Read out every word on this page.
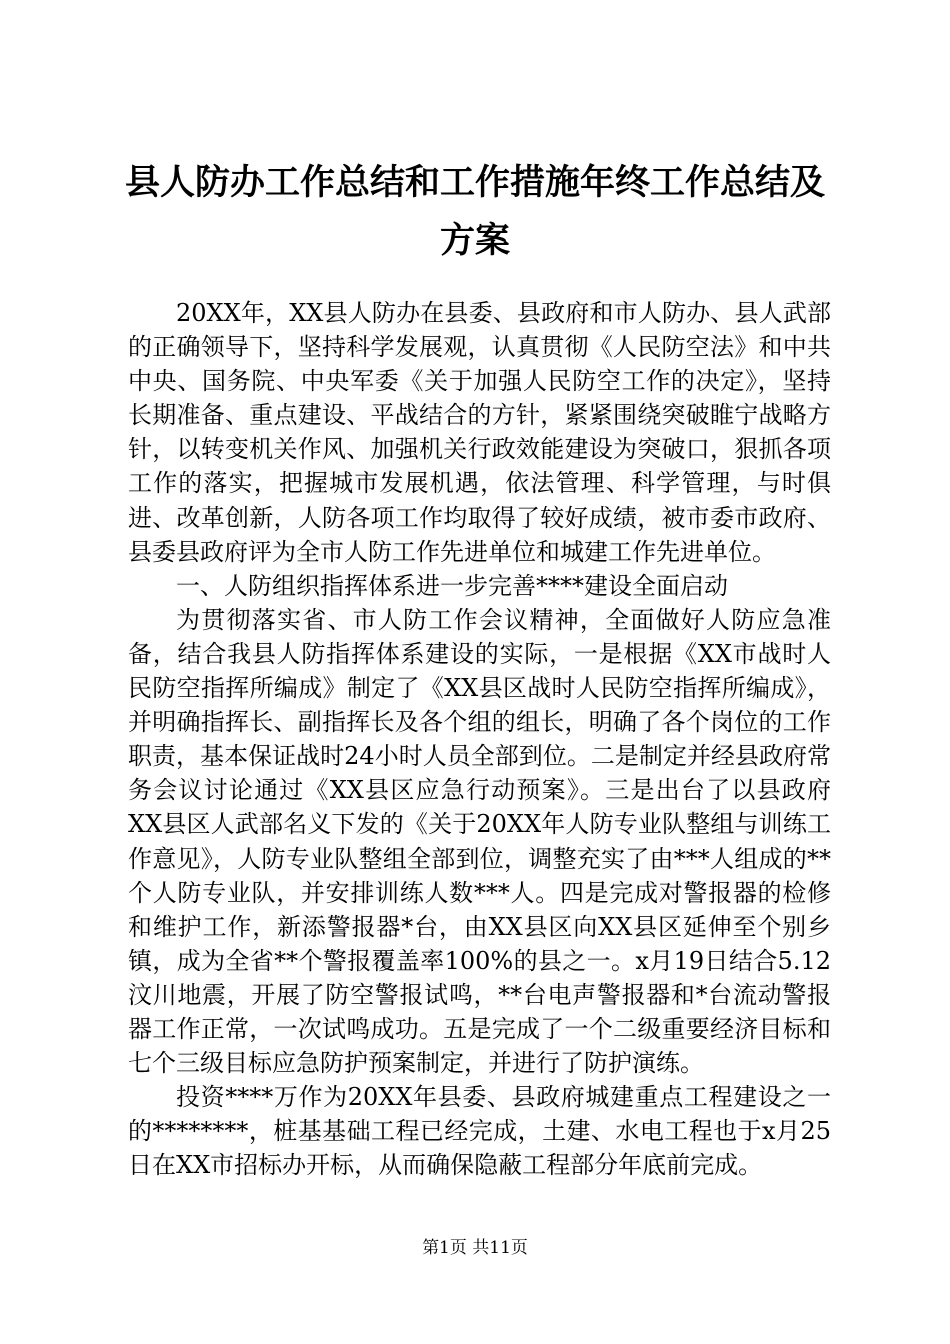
县人防办工作总结和工作措施年终工作总结及
方案

20XX年，XX县人防办在县委、县政府和市人防办、县人武部的正确领导下，坚持科学发展观，认真贯彻《人民防空法》和中共中央、国务院、中央军委《关于加强人民防空工作的决定》，坚持长期准备、重点建设、平战结合的方针，紧紧围绕突破睢宁战略方针，以转变机关作风、加强机关行政效能建设为突破口，狠抓各项工作的落实，把握城市发展机遇，依法管理、科学管理，与时俱进、改革创新，人防各项工作均取得了较好成绩，被市委市政府、县委县政府评为全市人防工作先进单位和城建工作先进单位。

一、人防组织指挥体系进一步完善****建设全面启动

为贯彻落实省、市人防工作会议精神，全面做好人防应急准备，结合我县人防指挥体系建设的实际，一是根据《XX市战时人民防空指挥所编成》制定了《XX县区战时人民防空指挥所编成》，并明确指挥长、副指挥长及各个组的组长，明确了各个岗位的工作职责，基本保证战时24小时人员全部到位。二是制定并经县政府常务会议讨论通过《XX县区应急行动预案》。三是出台了以县政府XX县区人武部名义下发的《关于20XX年人防专业队整组与训练工作意见》，人防专业队整组全部到位，调整充实了由***人组成的**个人防专业队，并安排训练人数***人。四是完成对警报器的检修和维护工作，新添警报器*台，由XX县区向XX县区延伸至个别乡镇，成为全省**个警报覆盖率100%的县之一。x月19日结合5.12汶川地震，开展了防空警报试鸣，**台电声警报器和*台流动警报器工作正常，一次试鸣成功。五是完成了一个二级重要经济目标和七个三级目标应急防护预案制定，并进行了防护演练。

投资****万作为20XX年县委、县政府城建重点工程建设之一的********，桩基基础工程已经完成，土建、水电工程也于x月25日在XX市招标办开标，从而确保隐蔽工程部分年底前完成。

第1页 共11页
